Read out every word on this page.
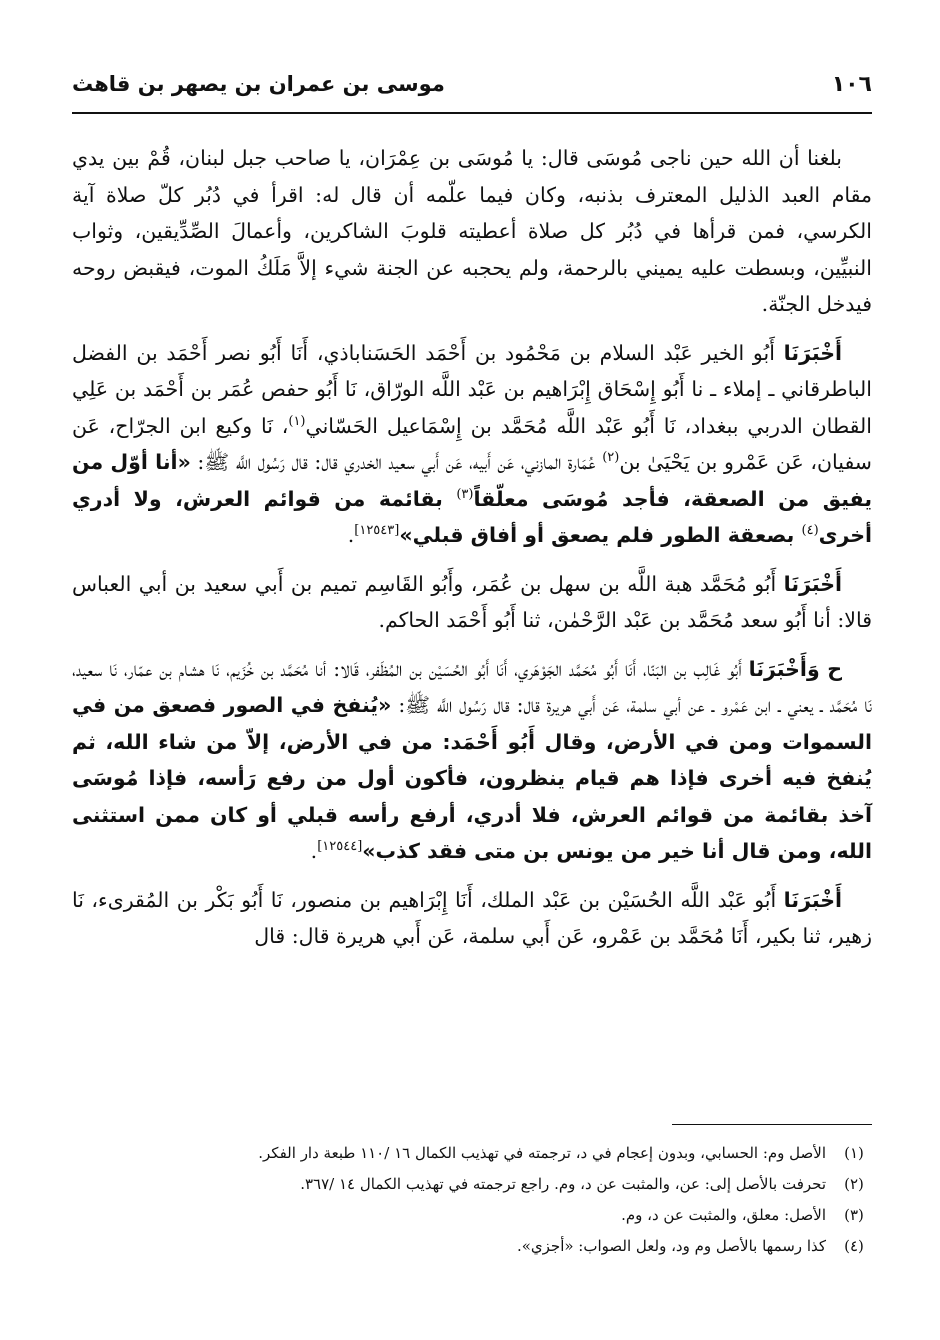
١٠٦
موسى بن عمران بن يصهر بن قاهث

بلغنا أن الله حين ناجى مُوسَى قال: يا مُوسَى بن عِمْرَان، يا صاحب جبل لبنان، قُمْ بين يدي مقام العبد الذليل المعترف بذنبه، وكان فيما علّمه أن قال له: اقرأ في دُبُر كلّ صلاة آية الكرسي، فمن قرأها في دُبُر كل صلاة أعطيته قلوبَ الشاكرين، وأعمالَ الصِّدِّيقين، وثواب النبيِّين، وبسطت عليه يميني بالرحمة، ولم يحجبه عن الجنة شيء إلاَّ مَلَكُ الموت، فيقبض روحه فيدخل الجنّة.

أَخْبَرَنَا أَبُو الخير عَبْد السلام بن مَحْمُود بن أَحْمَد الحَسَناباذي، أَنَا أَبُو نصر أَحْمَد بن الفضل الباطرقاني ـ إملاء ـ نا أَبُو إِسْحَاق إِبْرَاهيم بن عَبْد اللَّه الورّاق، نَا أَبُو حفص عُمَر بن أَحْمَد بن عَلِي القطان الدربي ببغداد، نَا أَبُو عَبْد اللَّه مُحَمَّد بن إِسْمَاعيل الحَسّاني$^{(١)}$، نَا وكيع ابن الجرّاح، عَن سفيان، عَن عَمْرو بن يَحْيَىٰ بن$^{(٢)}$ عُمَارة المازني، عَن أَبيه، عَن أَبي سعيد الخدري قال: قال رَسُول اللَّه ﷺ: «أنا أوّل من يفيق من الصعقة، فأجد مُوسَى معلّقاً$^{(٣)}$ بقائمة من قوائم العرش، ولا أدري أخرى$^{(٤)}$ بصعقة الطور فلم يصعق أو أفاق قبلي»[١٢٥٤٣].

أَخْبَرَنَا أَبُو مُحَمَّد هبة اللَّه بن سهل بن عُمَر، وأَبُو القَاسِم تميم بن أَبي سعيد بن أبي العباس قالا: أنا أَبُو سعد مُحَمَّد بن عَبْد الرَّحْمٰن، ثنا أَبُو أَحْمَد الحاكم.

ح وَأَخْبَرَنَا أَبُو غَالِب بن البَنّا، أَنَا أَبُو مُحَمَّد الجَوْهَري، أَنَا أَبُو الحُسَيْن بن المُظَفر، قَالا: أنا مُحَمَّد بن خُزَيم، نَا هشام بن عمّار، نَا سعيد، نَا مُحَمَّد ـ يعني ـ ابن عَمْرو ـ عن أبي سلمة، عَن أَبي هريرة قال: قال رَسُول اللَّه ﷺ: «يُنفخ في الصور فصعق من في السموات ومن في الأرض، وقال أَبُو أَحْمَد: من في الأرض، إلاّ من شاء الله، ثم يُنفخ فيه أخرى فإذا هم قيام ينظرون، فأكون أول من رفع رَأسه، فإذا مُوسَى آخذ بقائمة من قوائم العرش، فلا أدري، أرفع رأسه قبلي أو كان ممن استثنى الله، ومن قال أنا خير من يونس بن متى فقد كذب»[١٢٥٤٤].

أَخْبَرَنَا أَبُو عَبْد اللَّه الحُسَيْن بن عَبْد الملك، أَنَا إِبْرَاهيم بن منصور، نَا أَبُو بَكْر بن المُقرىء، نَا زهير، ثنا بكير، أَنَا مُحَمَّد بن عَمْرو، عَن أَبي سلمة، عَن أَبي هريرة قال: قال

(١)
الأصل وم: الحسابي، وبدون إعجام في د، ترجمته في تهذيب الكمال ١٦ /١١٠ طبعة دار الفكر.
(٢)
تحرفت بالأصل إلى: عن، والمثبت عن د، وم. راجع ترجمته في تهذيب الكمال ١٤ /٣٦٧.
(٣)
الأصل: معلق، والمثبت عن د، وم.
(٤)
كذا رسمها بالأصل وم ود، ولعل الصواب: «أجزي».
